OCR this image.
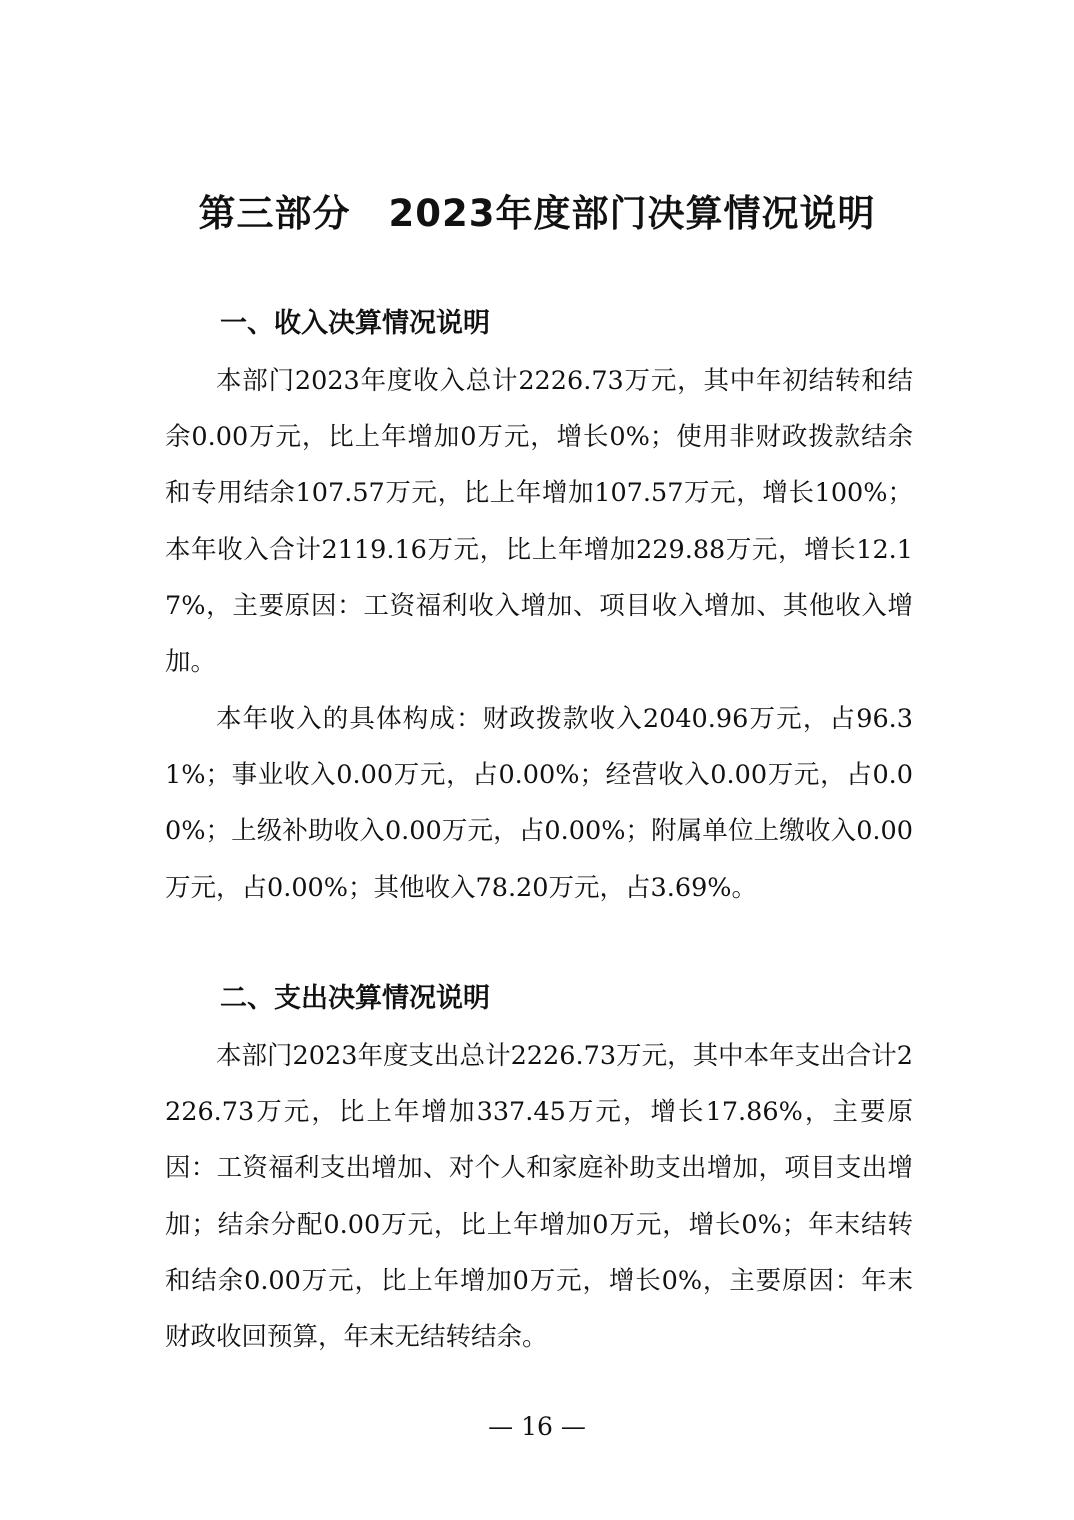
第三部分　2023年度部门决算情况说明
一、收入决算情况说明

本部门2023年度收入总计2226.73万元，其中年初结转和结余0.00万元，比上年增加0万元，增长0%；使用非财政拨款结余和专用结余107.57万元，比上年增加107.57万元，增长100%；本年收入合计2119.16万元，比上年增加229.88万元，增长12.17%，主要原因：工资福利收入增加、项目收入增加、其他收入增加。

本年收入的具体构成：财政拨款收入2040.96万元，占96.31%；事业收入0.00万元，占0.00%；经营收入0.00万元，占0.00%；上级补助收入0.00万元，占0.00%；附属单位上缴收入0.00万元，占0.00%；其他收入78.20万元，占3.69%。

二、支出决算情况说明

本部门2023年度支出总计2226.73万元，其中本年支出合计2226.73万元，比上年增加337.45万元，增长17.86%，主要原因：工资福利支出增加、对个人和家庭补助支出增加，项目支出增加；结余分配0.00万元，比上年增加0万元，增长0%；年末结转和结余0.00万元，比上年增加0万元，增长0%，主要原因：年末财政收回预算，年末无结转结余。

— 16 —
